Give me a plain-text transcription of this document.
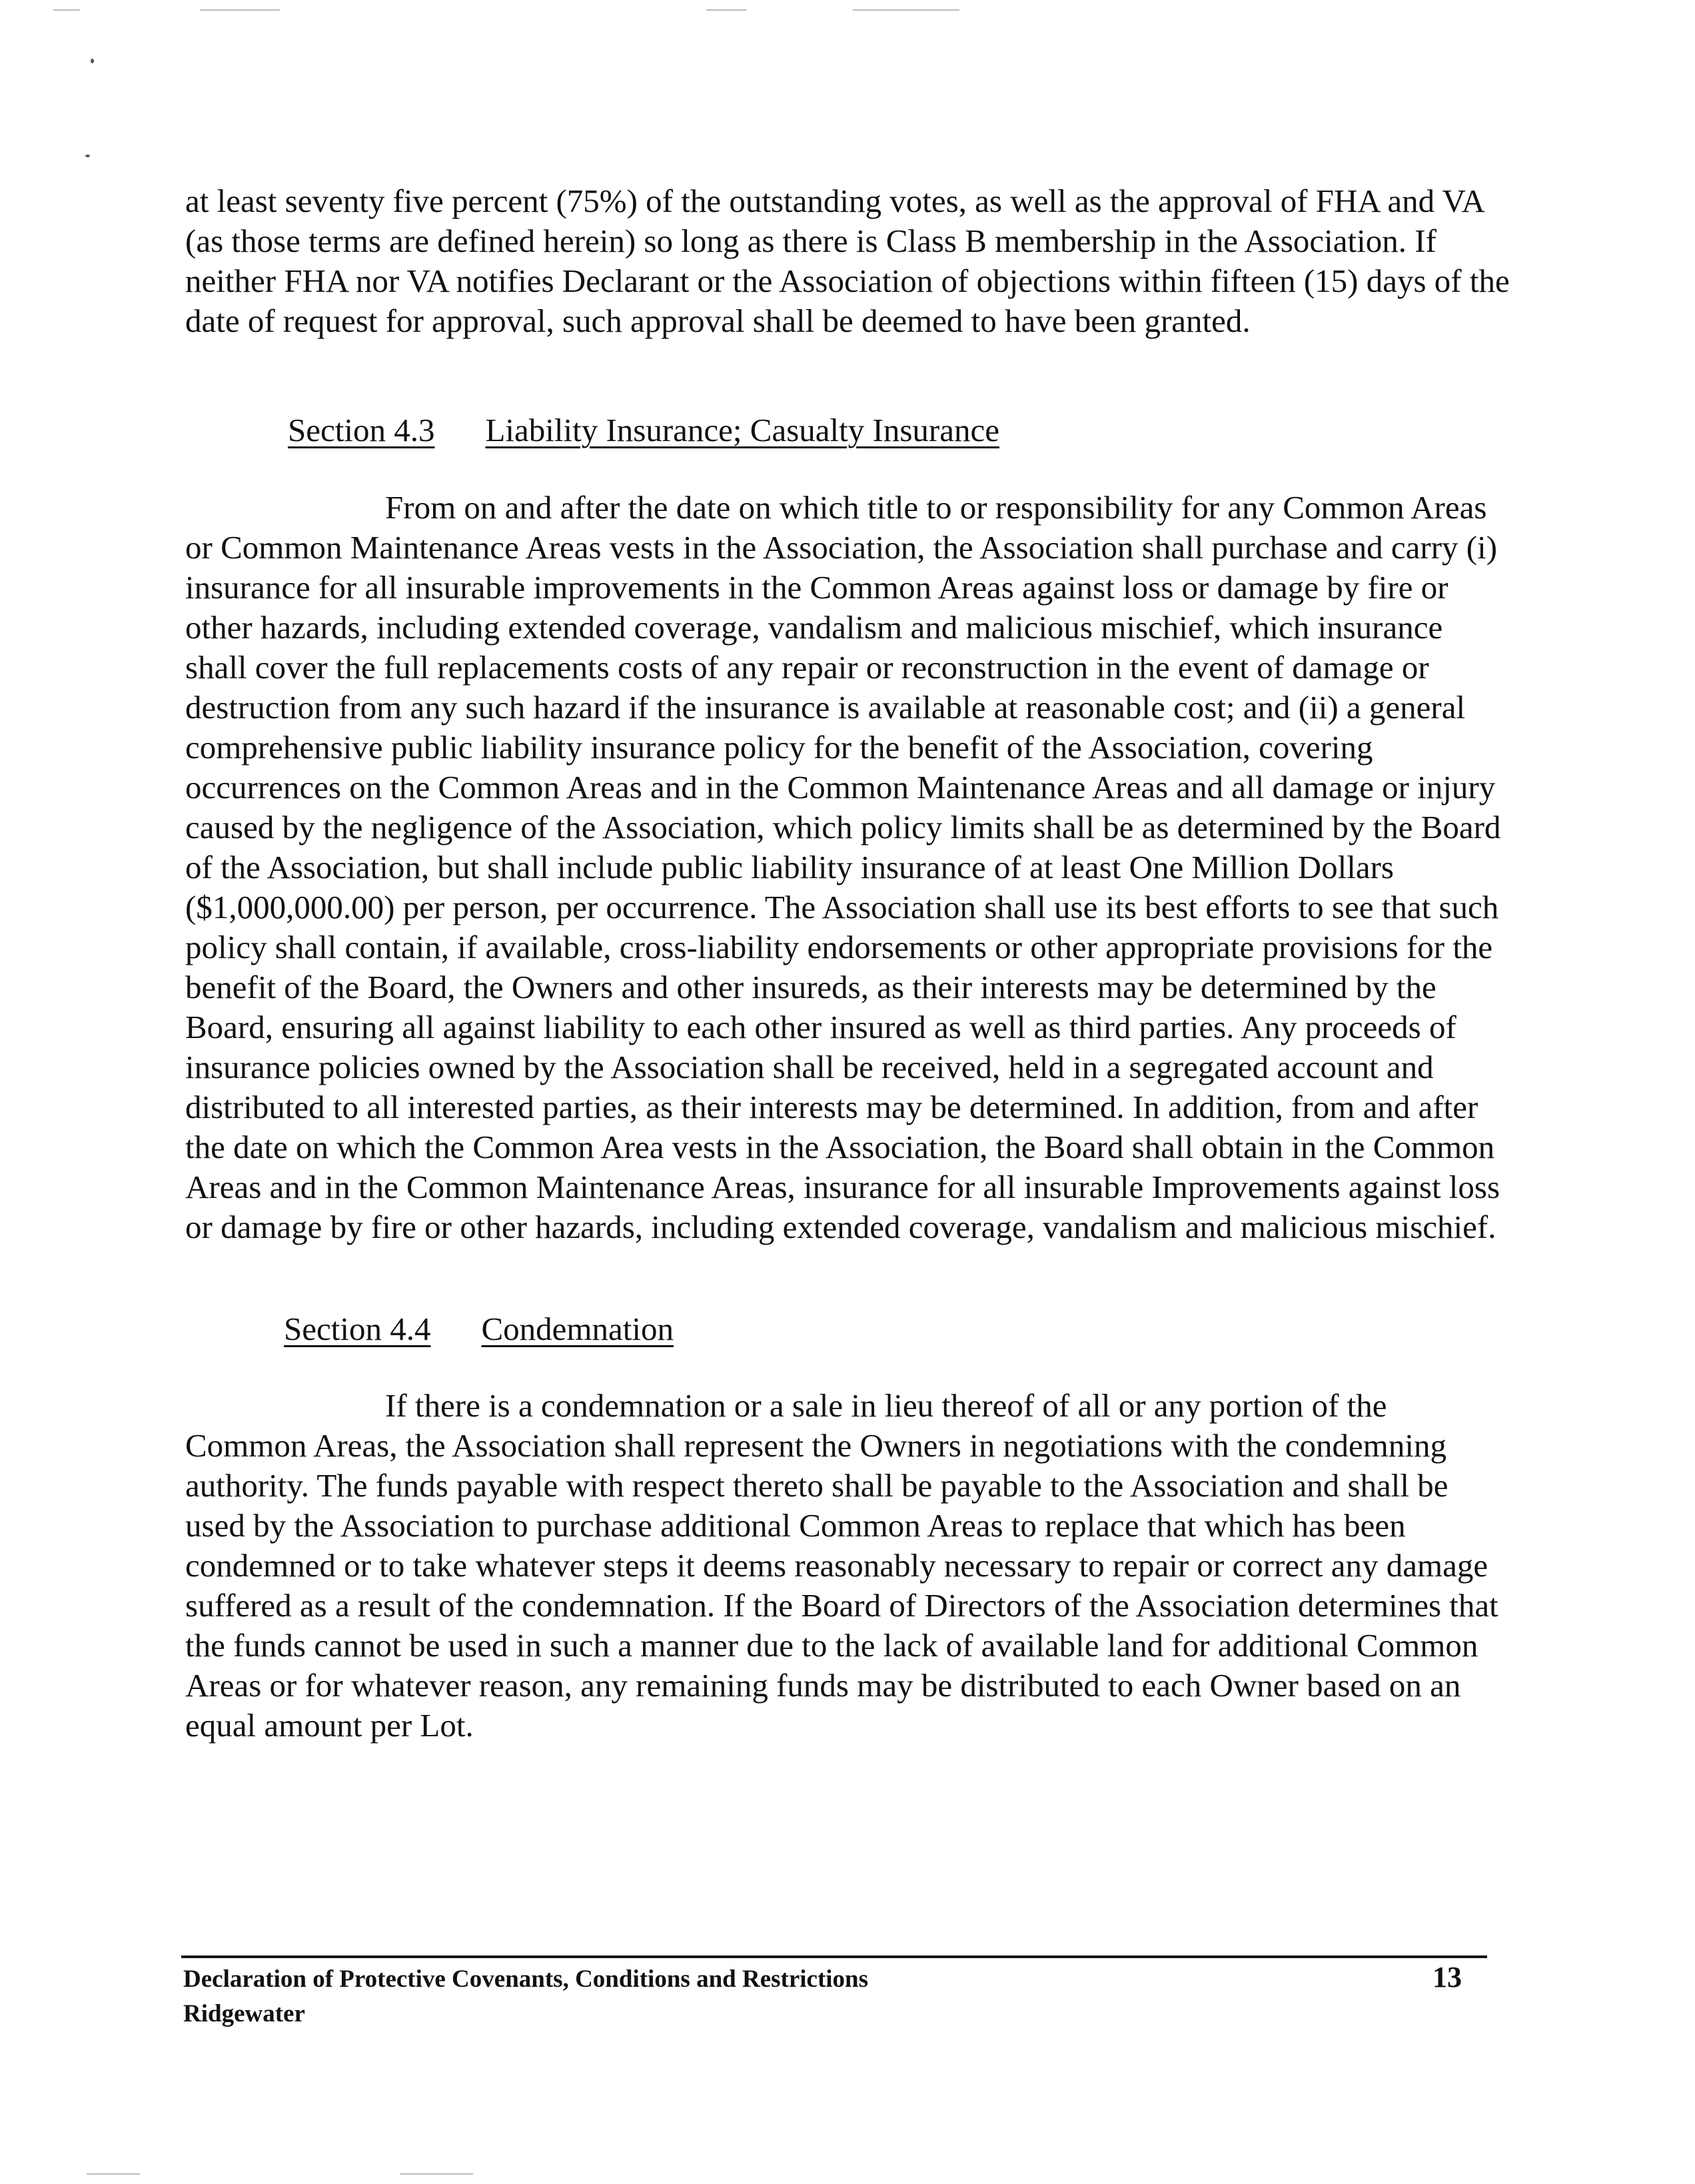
at least seventy five percent (75%) of the outstanding votes, as well as the approval of FHA and VA (as those terms are defined herein) so long as there is Class B membership in the Association. If neither FHA nor VA notifies Declarant or the Association of objections within fifteen (15) days of the date of request for approval, such approval shall be deemed to have been granted.

Section 4.3 Liability Insurance; Casualty Insurance

From on and after the date on which title to or responsibility for any Common Areas or Common Maintenance Areas vests in the Association, the Association shall purchase and carry (i) insurance for all insurable improvements in the Common Areas against loss or damage by fire or other hazards, including extended coverage, vandalism and malicious mischief, which insurance shall cover the full replacements costs of any repair or reconstruction in the event of damage or destruction from any such hazard if the insurance is available at reasonable cost; and (ii) a general comprehensive public liability insurance policy for the benefit of the Association, covering occurrences on the Common Areas and in the Common Maintenance Areas and all damage or injury caused by the negligence of the Association, which policy limits shall be as determined by the Board of the Association, but shall include public liability insurance of at least One Million Dollars ($1,000,000.00) per person, per occurrence. The Association shall use its best efforts to see that such policy shall contain, if available, cross-liability endorsements or other appropriate provisions for the benefit of the Board, the Owners and other insureds, as their interests may be determined by the Board, ensuring all against liability to each other insured as well as third parties. Any proceeds of insurance policies owned by the Association shall be received, held in a segregated account and distributed to all interested parties, as their interests may be determined. In addition, from and after the date on which the Common Area vests in the Association, the Board shall obtain in the Common Areas and in the Common Maintenance Areas, insurance for all insurable Improvements against loss or damage by fire or other hazards, including extended coverage, vandalism and malicious mischief.

Section 4.4 Condemnation

If there is a condemnation or a sale in lieu thereof of all or any portion of the Common Areas, the Association shall represent the Owners in negotiations with the condemning authority. The funds payable with respect thereto shall be payable to the Association and shall be used by the Association to purchase additional Common Areas to replace that which has been condemned or to take whatever steps it deems reasonably necessary to repair or correct any damage suffered as a result of the condemnation. If the Board of Directors of the Association determines that the funds cannot be used in such a manner due to the lack of available land for additional Common Areas or for whatever reason, any remaining funds may be distributed to each Owner based on an equal amount per Lot.

Declaration of Protective Covenants, Conditions and Restrictions
Ridgewater
13
